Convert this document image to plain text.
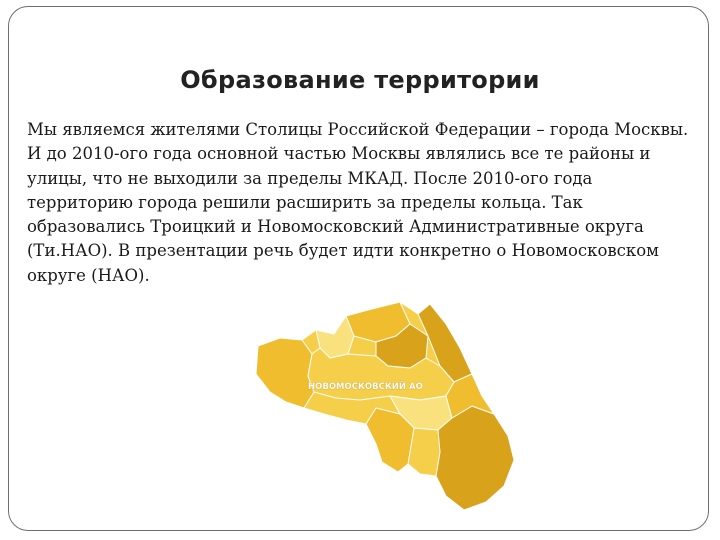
Образование территории

Мы являемся жителями Столицы Российской Федерации – города Москвы. И до 2010-ого года основной частью Москвы являлись все те районы и улицы, что не выходили за пределы МКАД. После 2010-ого года территорию города решили расширить за пределы кольца. Так образовались Троицкий и Новомосковский Административные округа (Ти.НАО). В презентации речь будет идти конкретно о Новомосковском округе (НАО).

НОВОМОСКОВСКИЙ АО
